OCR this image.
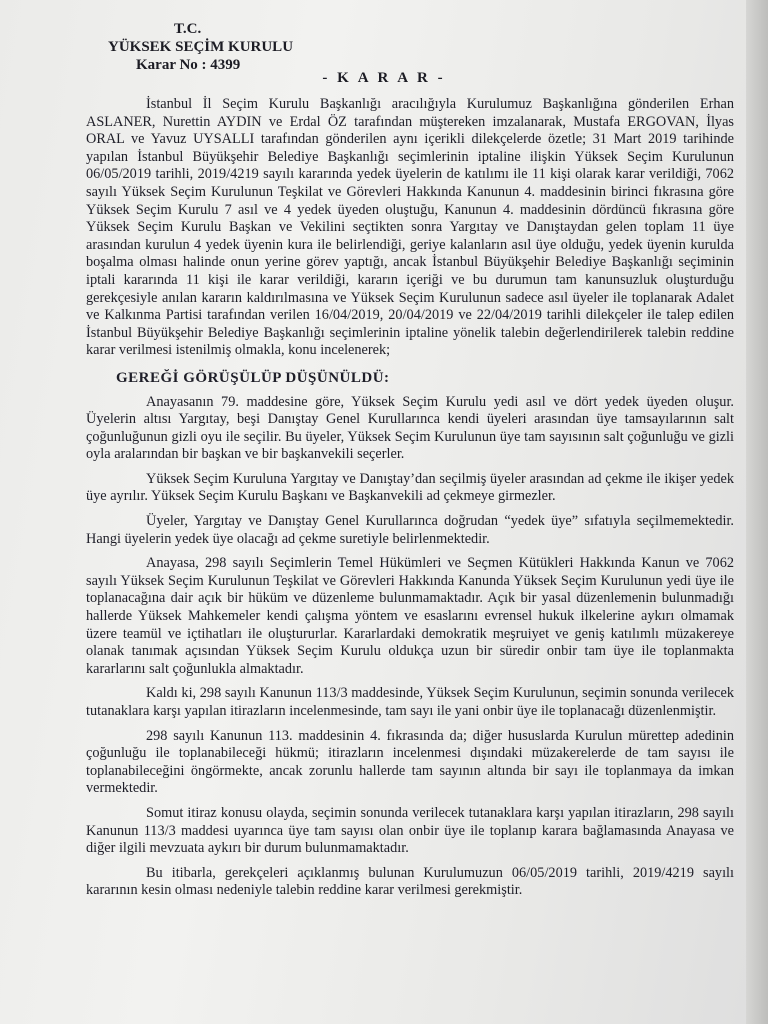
T.C.
YÜKSEK SEÇİM KURULU
Karar No : 4399
- K A R A R -

İstanbul İl Seçim Kurulu Başkanlığı aracılığıyla Kurulumuz Başkanlığına gönderilen Erhan ASLANER, Nurettin AYDIN ve Erdal ÖZ tarafından müştereken imzalanarak, Mustafa ERGOVAN, İlyas ORAL ve Yavuz UYSALLI tarafından gönderilen aynı içerikli dilekçelerde özetle; 31 Mart 2019 tarihinde yapılan İstanbul Büyükşehir Belediye Başkanlığı seçimlerinin iptaline ilişkin Yüksek Seçim Kurulunun 06/05/2019 tarihli, 2019/4219 sayılı kararında yedek üyelerin de katılımı ile 11 kişi olarak karar verildiği, 7062 sayılı Yüksek Seçim Kurulunun Teşkilat ve Görevleri Hakkında Kanunun 4. maddesinin birinci fıkrasına göre Yüksek Seçim Kurulu 7 asıl ve 4 yedek üyeden oluştuğu, Kanunun 4. maddesinin dördüncü fıkrasına göre Yüksek Seçim Kurulu Başkan ve Vekilini seçtikten sonra Yargıtay ve Danıştaydan gelen toplam 11 üye arasından kurulun 4 yedek üyenin kura ile belirlendiği, geriye kalanların asıl üye olduğu, yedek üyenin kurulda boşalma olması halinde onun yerine görev yaptığı, ancak İstanbul Büyükşehir Belediye Başkanlığı seçiminin iptali kararında 11 kişi ile karar verildiği, kararın içeriği ve bu durumun tam kanunsuzluk oluşturduğu gerekçesiyle anılan kararın kaldırılmasına ve Yüksek Seçim Kurulunun sadece asıl üyeler ile toplanarak Adalet ve Kalkınma Partisi tarafından verilen 16/04/2019, 20/04/2019 ve 22/04/2019 tarihli dilekçeler ile talep edilen İstanbul Büyükşehir Belediye Başkanlığı seçimlerinin iptaline yönelik talebin değerlendirilerek talebin reddine karar verilmesi istenilmiş olmakla, konu incelenerek;

GEREĞİ GÖRÜŞÜLÜP DÜŞÜNÜLDÜ:

Anayasanın 79. maddesine göre, Yüksek Seçim Kurulu yedi asıl ve dört yedek üyeden oluşur. Üyelerin altısı Yargıtay, beşi Danıştay Genel Kurullarınca kendi üyeleri arasından üye tamsayılarının salt çoğunluğunun gizli oyu ile seçilir. Bu üyeler, Yüksek Seçim Kurulunun üye tam sayısının salt çoğunluğu ve gizli oyla aralarından bir başkan ve bir başkanvekili seçerler.

Yüksek Seçim Kuruluna Yargıtay ve Danıştay’dan seçilmiş üyeler arasından ad çekme ile ikişer yedek üye ayrılır. Yüksek Seçim Kurulu Başkanı ve Başkanvekili ad çekmeye girmezler.

Üyeler, Yargıtay ve Danıştay Genel Kurullarınca doğrudan “yedek üye” sıfatıyla seçilmemektedir. Hangi üyelerin yedek üye olacağı ad çekme suretiyle belirlenmektedir.

Anayasa, 298 sayılı Seçimlerin Temel Hükümleri ve Seçmen Kütükleri Hakkında Kanun ve 7062 sayılı Yüksek Seçim Kurulunun Teşkilat ve Görevleri Hakkında Kanunda Yüksek Seçim Kurulunun yedi üye ile toplanacağına dair açık bir hüküm ve düzenleme bulunmamaktadır. Açık bir yasal düzenlemenin bulunmadığı hallerde Yüksek Mahkemeler kendi çalışma yöntem ve esaslarını evrensel hukuk ilkelerine aykırı olmamak üzere teamül ve içtihatları ile oluştururlar. Kararlardaki demokratik meşruiyet ve geniş katılımlı müzakereye olanak tanımak açısından Yüksek Seçim Kurulu oldukça uzun bir süredir onbir tam üye ile toplanmakta kararlarını salt çoğunlukla almaktadır.

Kaldı ki, 298 sayılı Kanunun 113/3 maddesinde, Yüksek Seçim Kurulunun, seçimin sonunda verilecek tutanaklara karşı yapılan itirazların incelenmesinde, tam sayı ile yani onbir üye ile toplanacağı düzenlenmiştir.

298 sayılı Kanunun 113. maddesinin 4. fıkrasında da; diğer hususlarda Kurulun mürettep adedinin çoğunluğu ile toplanabileceği hükmü; itirazların incelenmesi dışındaki müzakerelerde de tam sayısı ile toplanabileceğini öngörmekte, ancak zorunlu hallerde tam sayının altında bir sayı ile toplanmaya da imkan vermektedir.

Somut itiraz konusu olayda, seçimin sonunda verilecek tutanaklara karşı yapılan itirazların, 298 sayılı Kanunun 113/3 maddesi uyarınca üye tam sayısı olan onbir üye ile toplanıp karara bağlamasında Anayasa ve diğer ilgili mevzuata aykırı bir durum bulunmamaktadır.

Bu itibarla, gerekçeleri açıklanmış bulunan Kurulumuzun 06/05/2019 tarihli, 2019/4219 sayılı kararının kesin olması nedeniyle talebin reddine karar verilmesi gerekmiştir.
